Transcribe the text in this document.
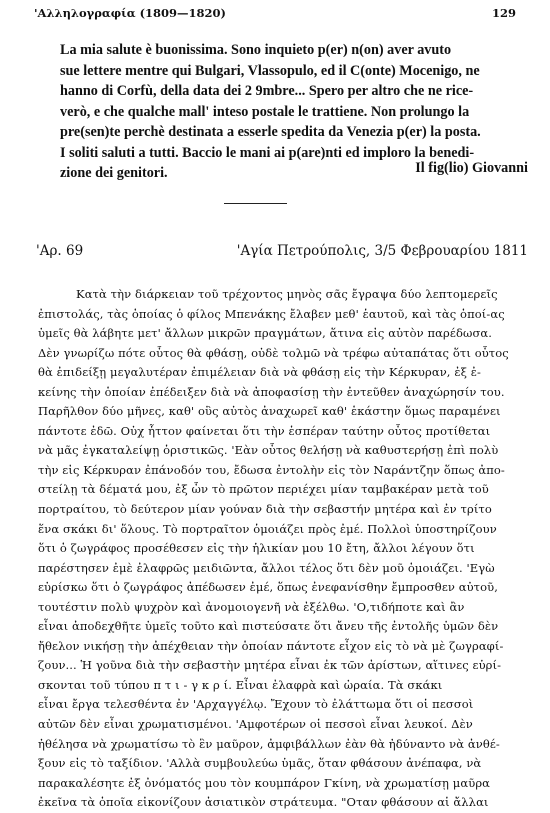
'Αλληλογραφία (1809—1820)	129
La mia salute è buonissima. Sono inquieto p(er) n(on) aver avuto
sue lettere mentre qui Bulgari, Vlassopulo, ed il C(onte) Mocenigo, ne
hanno di Corfù, della data dei 2 9mbre... Spero per altro che ne rice-
verò, e che qualche mall' inteso postale le trattiene. Non prolungo la
pre(sen)te perchè destinata a esserle spedita da Venezia p(er) la posta.
I soliti saluti a tutti. Baccio le mani ai p(are)nti ed imploro la benedi-
zione dei genitori.	Il fig(lio) Giovanni
'Αρ. 69	'Αγία Πετρούπολις, 3/5 Φεβρουαρίου 1811
Κατὰ τὴν διάρκειαν τοῦ τρέχοντος μηνὸς σᾶς ἔγραψα δύο λεπτομερεῖς
ἐπιστολάς, τὰς ὁποίας ὁ φίλος Μπενάκης ἔλαβεν μεθ' ἑαυτοῦ, καὶ τὰς ὁποί-ας
ὑμεῖς θὰ λάβητε μετ' ἄλλων μικρῶν πραγμάτων, ἅτινα εἰς αὐτὸν παρέδωσα.
Δὲν γνωρίζω πότε οὗτος θὰ φθάσῃ, οὐδὲ τολμῶ νὰ τρέφω αὐταπάτας ὅτι οὗτος
θὰ ἐπιδείξῃ μεγαλυτέραν ἐπιμέλειαν διὰ νὰ φθάσῃ εἰς τὴν Κέρκυραν, ἐξ ἐ-
κείνης τὴν ὁποίαν ἐπέδειξεν διὰ νὰ ἀποφασίσῃ τὴν ἐντεῦθεν ἀναχώρησίν του.
Παρῆλθον δύο μῆνες, καθ' οὓς αὐτὸς ἀναχωρεῖ καθ' ἑκάστην ὅμως παραμένει
πάντοτε ἐδῶ. Οὐχ ἧττον φαίνεται ὅτι τὴν ἑσπέραν ταύτην οὗτος προτίθεται
νὰ μᾶς ἐγκαταλείψῃ ὁριστικῶς. 'Εὰν οὗτος θελήσῃ νὰ καθυστερήσῃ ἐπὶ πολὺ
τὴν εἰς Κέρκυραν ἐπάνοδόν του, ἔδωσα ἐντολὴν εἰς τὸν Ναράντζην ὅπως ἀπο-
στείλῃ τὰ δέματά μου, ἐξ ὧν τὸ πρῶτον περιέχει μίαν ταμβακέραν μετὰ τοῦ
πορτραίτου, τὸ δεύτερον μίαν γούναν διὰ τὴν σεβαστήν μητέρα καὶ ἐν τρίτο
ἕνα σκάκι δι' ὅλους. Τὸ πορτραῖτον ὁμοιάζει πρὸς ἐμέ. Πολλοὶ ὑποστηρίζουν
ὅτι ὁ ζωγράφος προσέθεσεν εἰς τὴν ἡλικίαν μου 10 ἔτη, ἄλλοι λέγουν ὅτι
παρέστησεν ἐμὲ ἐλαφρῶς μειδιῶντα, ἄλλοι τέλος ὅτι δὲν μοῦ ὁμοιάζει. 'Εγὼ
εὑρίσκω ὅτι ὁ ζωγράφος ἀπέδωσεν ἐμέ, ὅπως ἐνεφανίσθην ἔμπροσθεν αὐτοῦ,
τουτέστιν πολὺ ψυχρὸν καὶ ἀνομοιογενῆ νὰ ἐξέλθω. 'Ο,τιδήποτε καὶ ἂν
εἶναι ἀποδεχθῆτε ὑμεῖς τοῦτο καὶ πιστεύσατε ὅτι ἄνευ τῆς ἐντολῆς ὑμῶν δὲν
ἤθελον νικήσῃ τὴν ἀπέχθειαν τὴν ὁποίαν πάντοτε εἶχον εἰς τὸ νὰ μὲ ζωγραφί-
ζουν... Ἡ γοῦνα διὰ τὴν σεβαστὴν μητέρα εἶναι ἐκ τῶν ἀρίστων, αἵτινες εὑρί-
σκονται τοῦ τύπου π τ ι - γ κ ρ ί. Εἶναι ἐλαφρὰ καὶ ὡραία. Τὰ σκάκι
εἶναι ἔργα τελεσθέντα ἐν 'Αρχαγγέλῳ. Ἔχουν τὸ ἐλάττωμα ὅτι οἱ πεσσοὶ
αὐτῶν δὲν εἶναι χρωματισμένοι. 'Αμφοτέρων οἱ πεσσοὶ εἶναι λευκοί. Δὲν
ἠθέλησα νὰ χρωματίσω τὸ ἓν μαῦρον, ἀμφιβάλλων ἐὰν θὰ ἠδύναντο νὰ ἀνθέ-
ξουν εἰς τὸ ταξίδιον. 'Αλλὰ συμβουλεύω ὑμᾶς, ὅταν φθάσουν ἀνέπαφα, νὰ
παρακαλέσητε ἐξ ὀνόματός μου τὸν κουμπάρον Γκίνη, νὰ χρωματίσῃ μαῦρα
ἐκεῖνα τὰ ὁποῖα εἰκονίζουν ἀσιατικὸν στράτευμα. "Οταν φθάσουν αἱ ἄλλαι
